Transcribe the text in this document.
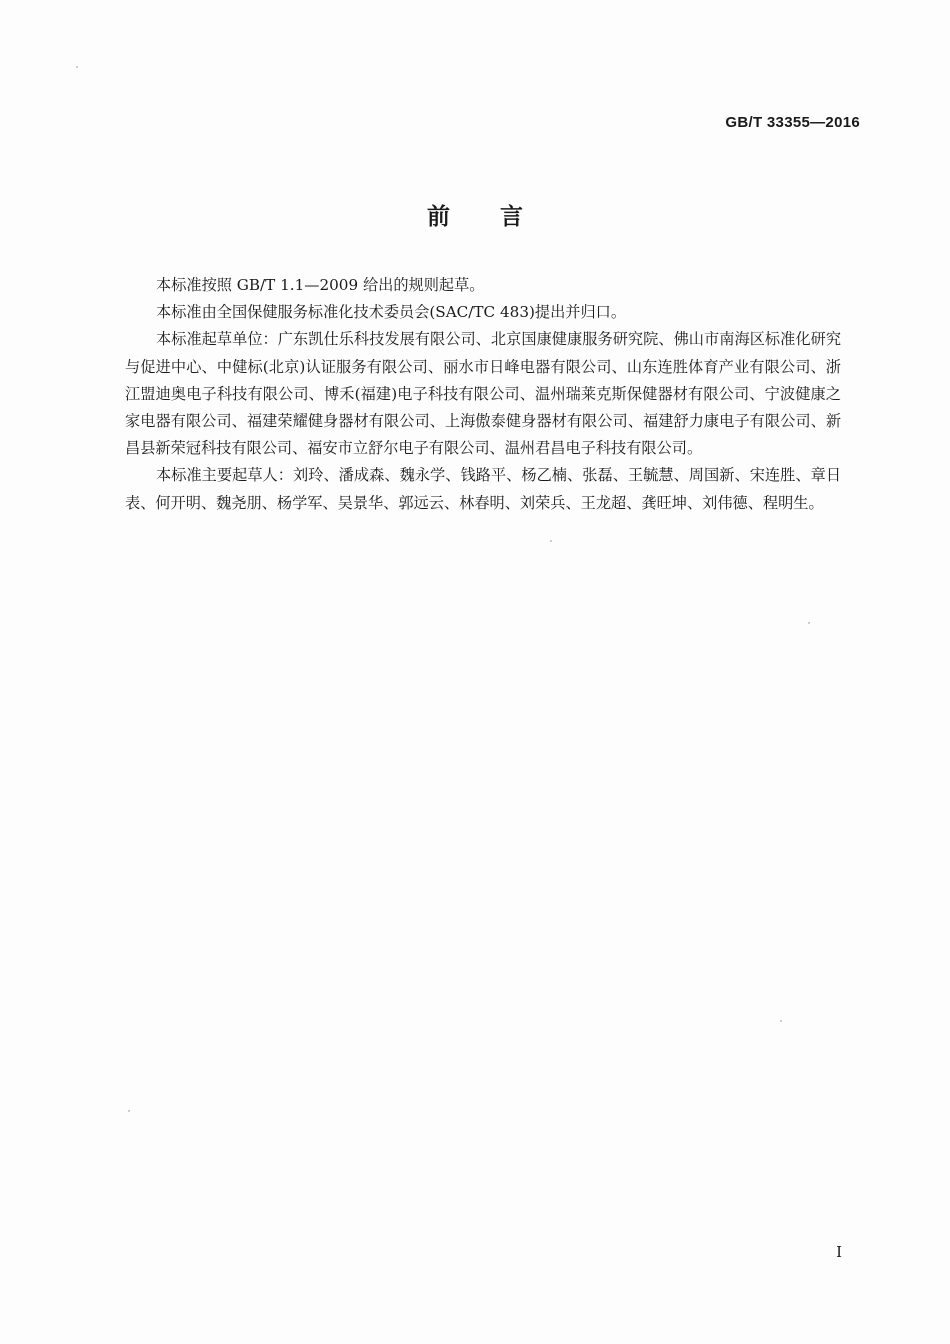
GB/T 33355—2016
前言

本标准按照 GB/T 1.1—2009 给出的规则起草。

本标准由全国保健服务标准化技术委员会(SAC/TC 483)提出并归口。

本标准起草单位：广东凯仕乐科技发展有限公司、北京国康健康服务研究院、佛山市南海区标准化研究与促进中心、中健标(北京)认证服务有限公司、丽水市日峰电器有限公司、山东连胜体育产业有限公司、浙江盟迪奥电子科技有限公司、博禾(福建)电子科技有限公司、温州瑞莱克斯保健器材有限公司、宁波健康之家电器有限公司、福建荣耀健身器材有限公司、上海傲泰健身器材有限公司、福建舒力康电子有限公司、新昌县新荣冠科技有限公司、福安市立舒尔电子有限公司、温州君昌电子科技有限公司。

本标准主要起草人：刘玲、潘成森、魏永学、钱路平、杨乙楠、张磊、王毓慧、周国新、宋连胜、章日表、何开明、魏尧朋、杨学军、吴景华、郭远云、林春明、刘荣兵、王龙超、龚旺坤、刘伟德、程明生。

I
